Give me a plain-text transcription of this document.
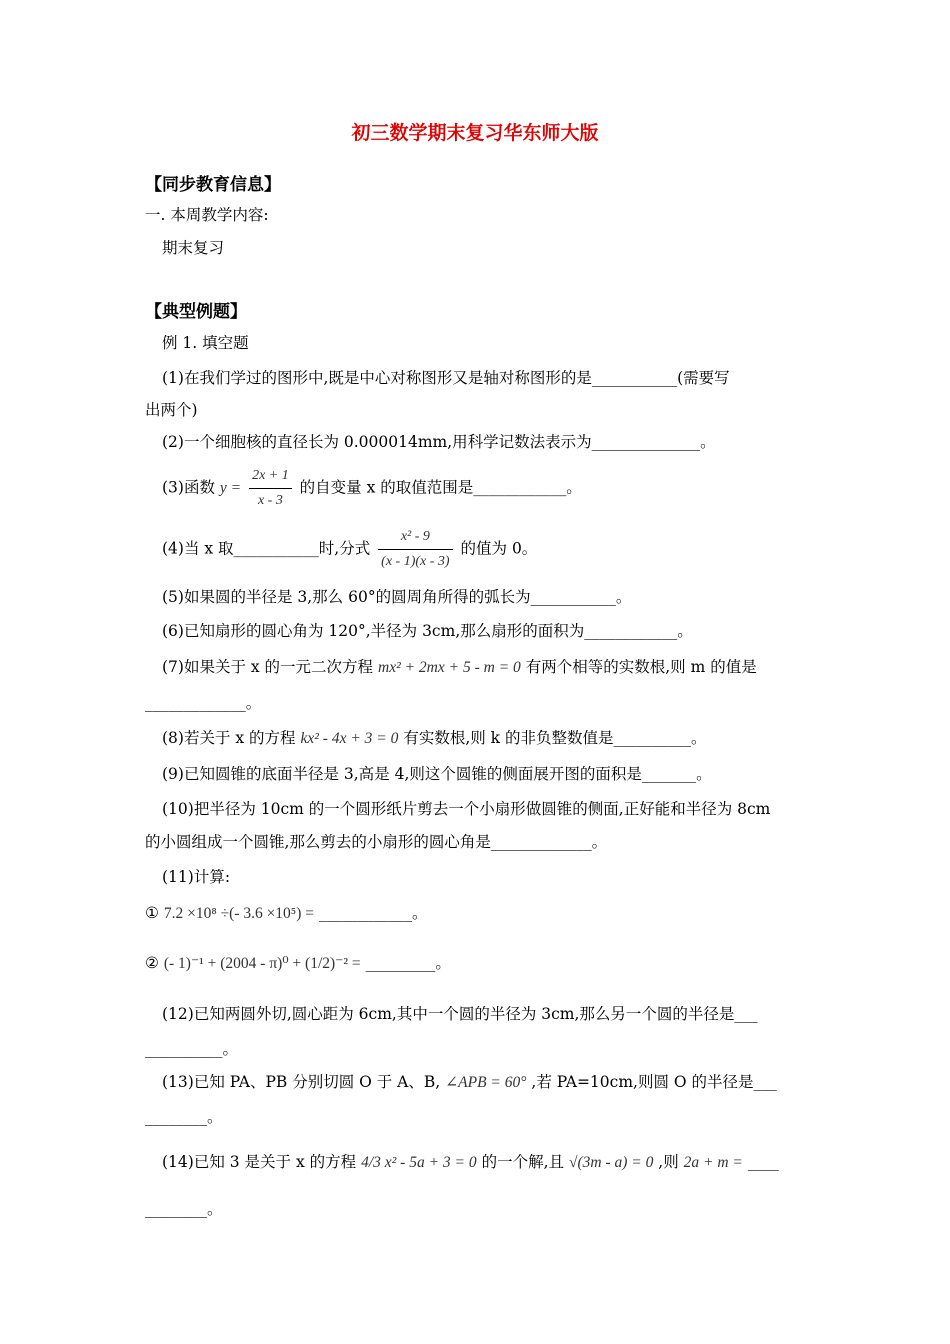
初三数学期末复习华东师大版
【同步教育信息】
一. 本周教学内容:
期末复习
【典型例题】
例 1. 填空题
(1)在我们学过的图形中,既是中心对称图形又是轴对称图形的是___________(需要写
出两个)
(2)一个细胞核的直径长为 0.000014mm,用科学记数法表示为______________。
(3)函数 $y = \frac{2x + 1}{x - 3}$ 的自变量 x 的取值范围是____________。
(4)当 x 取___________时,分式 $\frac{\text{x² - 9}}{(x - 1)(x - 3)}$ 的值为 0。
(5)如果圆的半径是 3,那么 60°的圆周角所得的弧长为___________。
(6)已知扇形的圆心角为 120°,半径为 3cm,那么扇形的面积为____________。
(7)如果关于 x 的一元二次方程 mx² + 2mx + 5 - m = 0 有两个相等的实数根,则 m 的值是
_____________。
(8)若关于 x 的方程 kx² - 4x + 3 = 0 有实数根,则 k 的非负整数值是__________。
(9)已知圆锥的底面半径是 3,高是 4,则这个圆锥的侧面展开图的面积是_______。
(10)把半径为 10cm 的一个圆形纸片剪去一个小扇形做圆锥的侧面,正好能和半径为 8cm
的小圆组成一个圆锥,那么剪去的小扇形的圆心角是_____________。
(11)计算:
① 7.2 ×10⁸ ÷(- 3.6 ×10⁵) = ____________。
② (- 1)⁻¹ + (2004 - π)⁰ + (1/2)⁻² = _________。
(12)已知两圆外切,圆心距为 6cm,其中一个圆的半径为 3cm,那么另一个圆的半径是___
__________。
(13)已知 PA、PB 分别切圆 O 于 A、B, ∠APB = 60° ,若 PA=10cm,则圆 O 的半径是___
________。
(14)已知 3 是关于 x 的方程 4/3 x² - 5a + 3 = 0 的一个解,且 √(3m - a) = 0 ,则 2a + m = ____
________。
